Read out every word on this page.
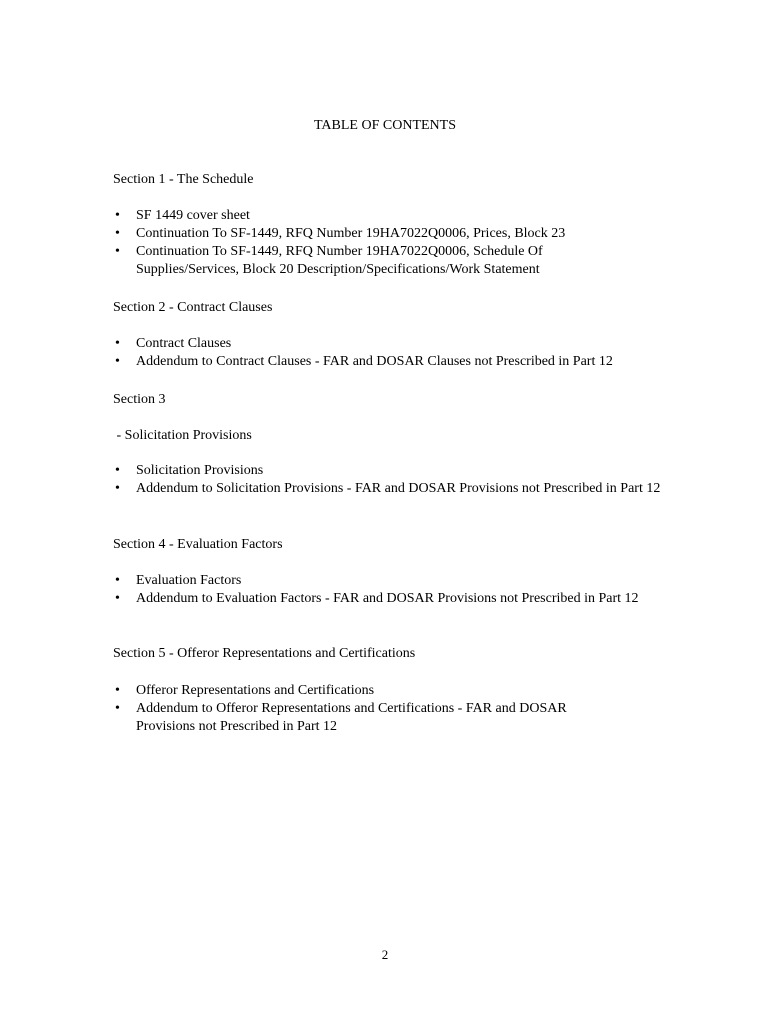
TABLE OF CONTENTS
Section 1 - The Schedule
•	SF 1449 cover sheet
•	Continuation To SF-1449, RFQ Number 19HA7022Q0006, Prices, Block 23
•	Continuation To SF-1449, RFQ Number 19HA7022Q0006, Schedule Of Supplies/Services, Block 20 Description/Specifications/Work Statement
Section 2 - Contract Clauses
•	Contract Clauses
•	Addendum to Contract Clauses - FAR and DOSAR Clauses not Prescribed in Part 12
Section 3
- Solicitation Provisions
•	Solicitation Provisions
•	Addendum to Solicitation Provisions - FAR and DOSAR Provisions not Prescribed in Part 12
Section 4 - Evaluation Factors
•	Evaluation Factors
•	Addendum to Evaluation Factors - FAR and DOSAR Provisions not Prescribed in Part 12
Section 5 - Offeror Representations and Certifications
•	Offeror Representations and Certifications
•	Addendum to Offeror Representations and Certifications - FAR and DOSAR Provisions not Prescribed in Part 12
2
